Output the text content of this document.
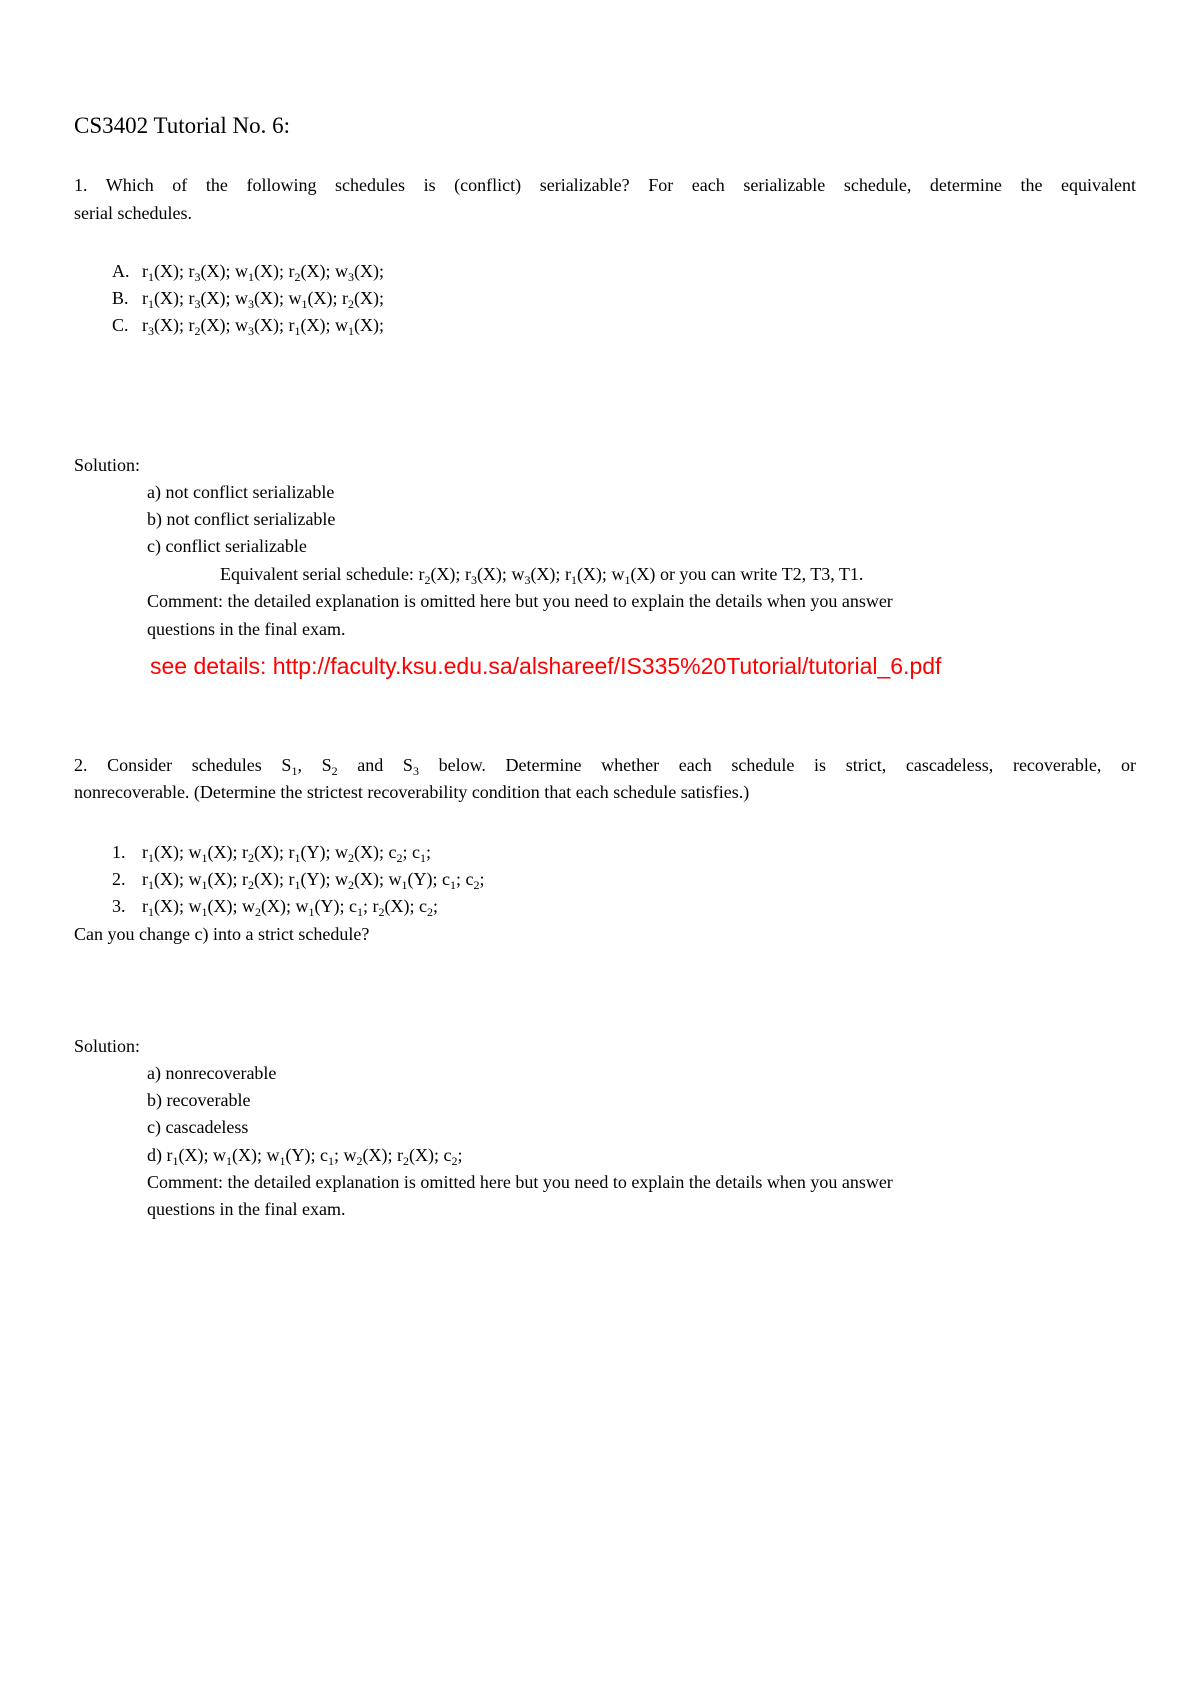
CS3402 Tutorial No. 6:
1. Which of the following schedules is (conflict) serializable? For each serializable schedule, determine the equivalent
serial schedules.
A. $r_1(X)$; $r_3(X)$; $w_1(X)$; $r_2(X)$; $w_3(X)$;
B. $r_1(X)$; $r_3(X)$; $w_3(X)$; $w_1(X)$; $r_2(X)$;
C. $r_3(X)$; $r_2(X)$; $w_3(X)$; $r_1(X)$; $w_1(X)$;
Solution:
a) not conflict serializable
b) not conflict serializable
c) conflict serializable
Equivalent serial schedule: $r_2(X)$; $r_3(X)$; $w_3(X)$; $r_1(X)$; $w_1(X)$ or you can write T2, T3, T1.
Comment: the detailed explanation is omitted here but you need to explain the details when you answer
questions in the final exam.
see details: http://faculty.ksu.edu.sa/alshareef/IS335%20Tutorial/tutorial_6.pdf
2. Consider schedules $S_1$, $S_2$ and $S_3$ below. Determine whether each schedule is strict, cascadeless, recoverable, or
nonrecoverable. (Determine the strictest recoverability condition that each schedule satisfies.)
1. $r_1(X)$; $w_1(X)$; $r_2(X)$; $r_1(Y)$; $w_2(X)$; $c_2$; $c_1$;
2. $r_1(X)$; $w_1(X)$; $r_2(X)$; $r_1(Y)$; $w_2(X)$; $w_1(Y)$; $c_1$; $c_2$;
3. $r_1(X)$; $w_1(X)$; $w_2(X)$; $w_1(Y)$; $c_1$; $r_2(X)$; $c_2$;
Can you change c) into a strict schedule?
Solution:
a) nonrecoverable
b) recoverable
c) cascadeless
d) $r_1(X)$; $w_1(X)$; $w_1(Y)$; $c_1$; $w_2(X)$; $r_2(X)$; $c_2$;
Comment: the detailed explanation is omitted here but you need to explain the details when you answer
questions in the final exam.
